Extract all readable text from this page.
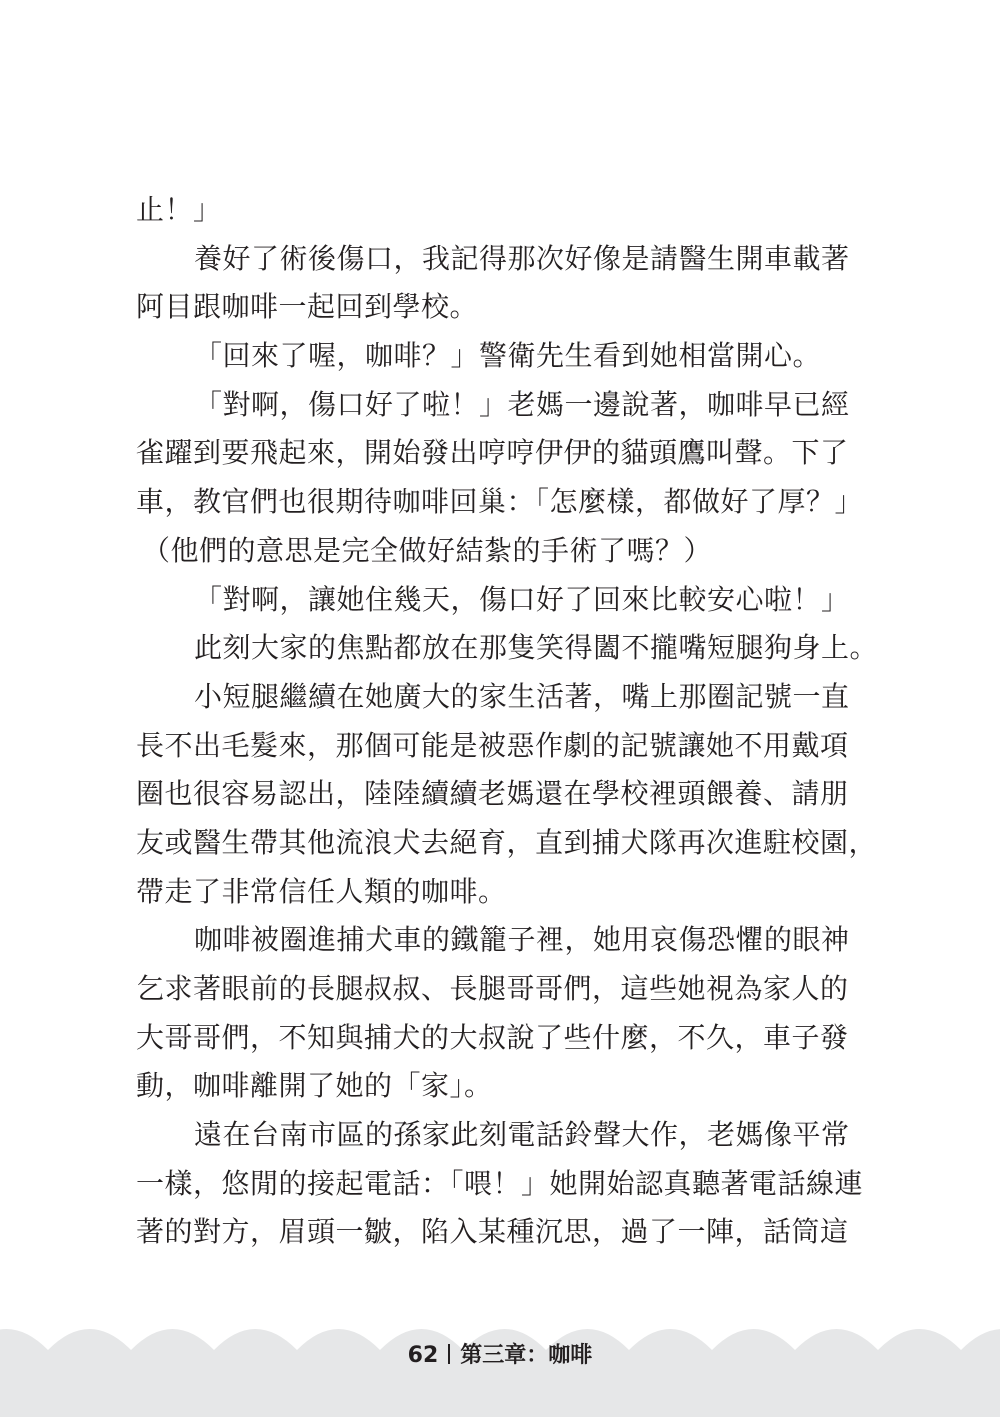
止！」
養好了術後傷口，我記得那次好像是請醫生開車載著
阿目跟咖啡一起回到學校。
「回來了喔，咖啡？」警衛先生看到她相當開心。
「對啊，傷口好了啦！」老媽一邊說著，咖啡早已經
雀躍到要飛起來，開始發出哼哼伊伊的貓頭鷹叫聲。下了
車，教官們也很期待咖啡回巢：「怎麼樣，都做好了厚？」
（他們的意思是完全做好結紮的手術了嗎？）
「對啊，讓她住幾天，傷口好了回來比較安心啦！」
此刻大家的焦點都放在那隻笑得闔不攏嘴短腿狗身上。
小短腿繼續在她廣大的家生活著，嘴上那圈記號一直
長不出毛髮來，那個可能是被惡作劇的記號讓她不用戴項
圈也很容易認出，陸陸續續老媽還在學校裡頭餵養、請朋
友或醫生帶其他流浪犬去絕育，直到捕犬隊再次進駐校園，
帶走了非常信任人類的咖啡。
咖啡被圈進捕犬車的鐵籠子裡，她用哀傷恐懼的眼神
乞求著眼前的長腿叔叔、長腿哥哥們，這些她視為家人的
大哥哥們，不知與捕犬的大叔說了些什麼，不久，車子發
動，咖啡離開了她的「家」。
遠在台南市區的孫家此刻電話鈴聲大作，老媽像平常
一樣，悠閒的接起電話：「喂！」她開始認真聽著電話線連
著的對方，眉頭一皺，陷入某種沉思，過了一陣，話筒這
62 第三章：咖啡
